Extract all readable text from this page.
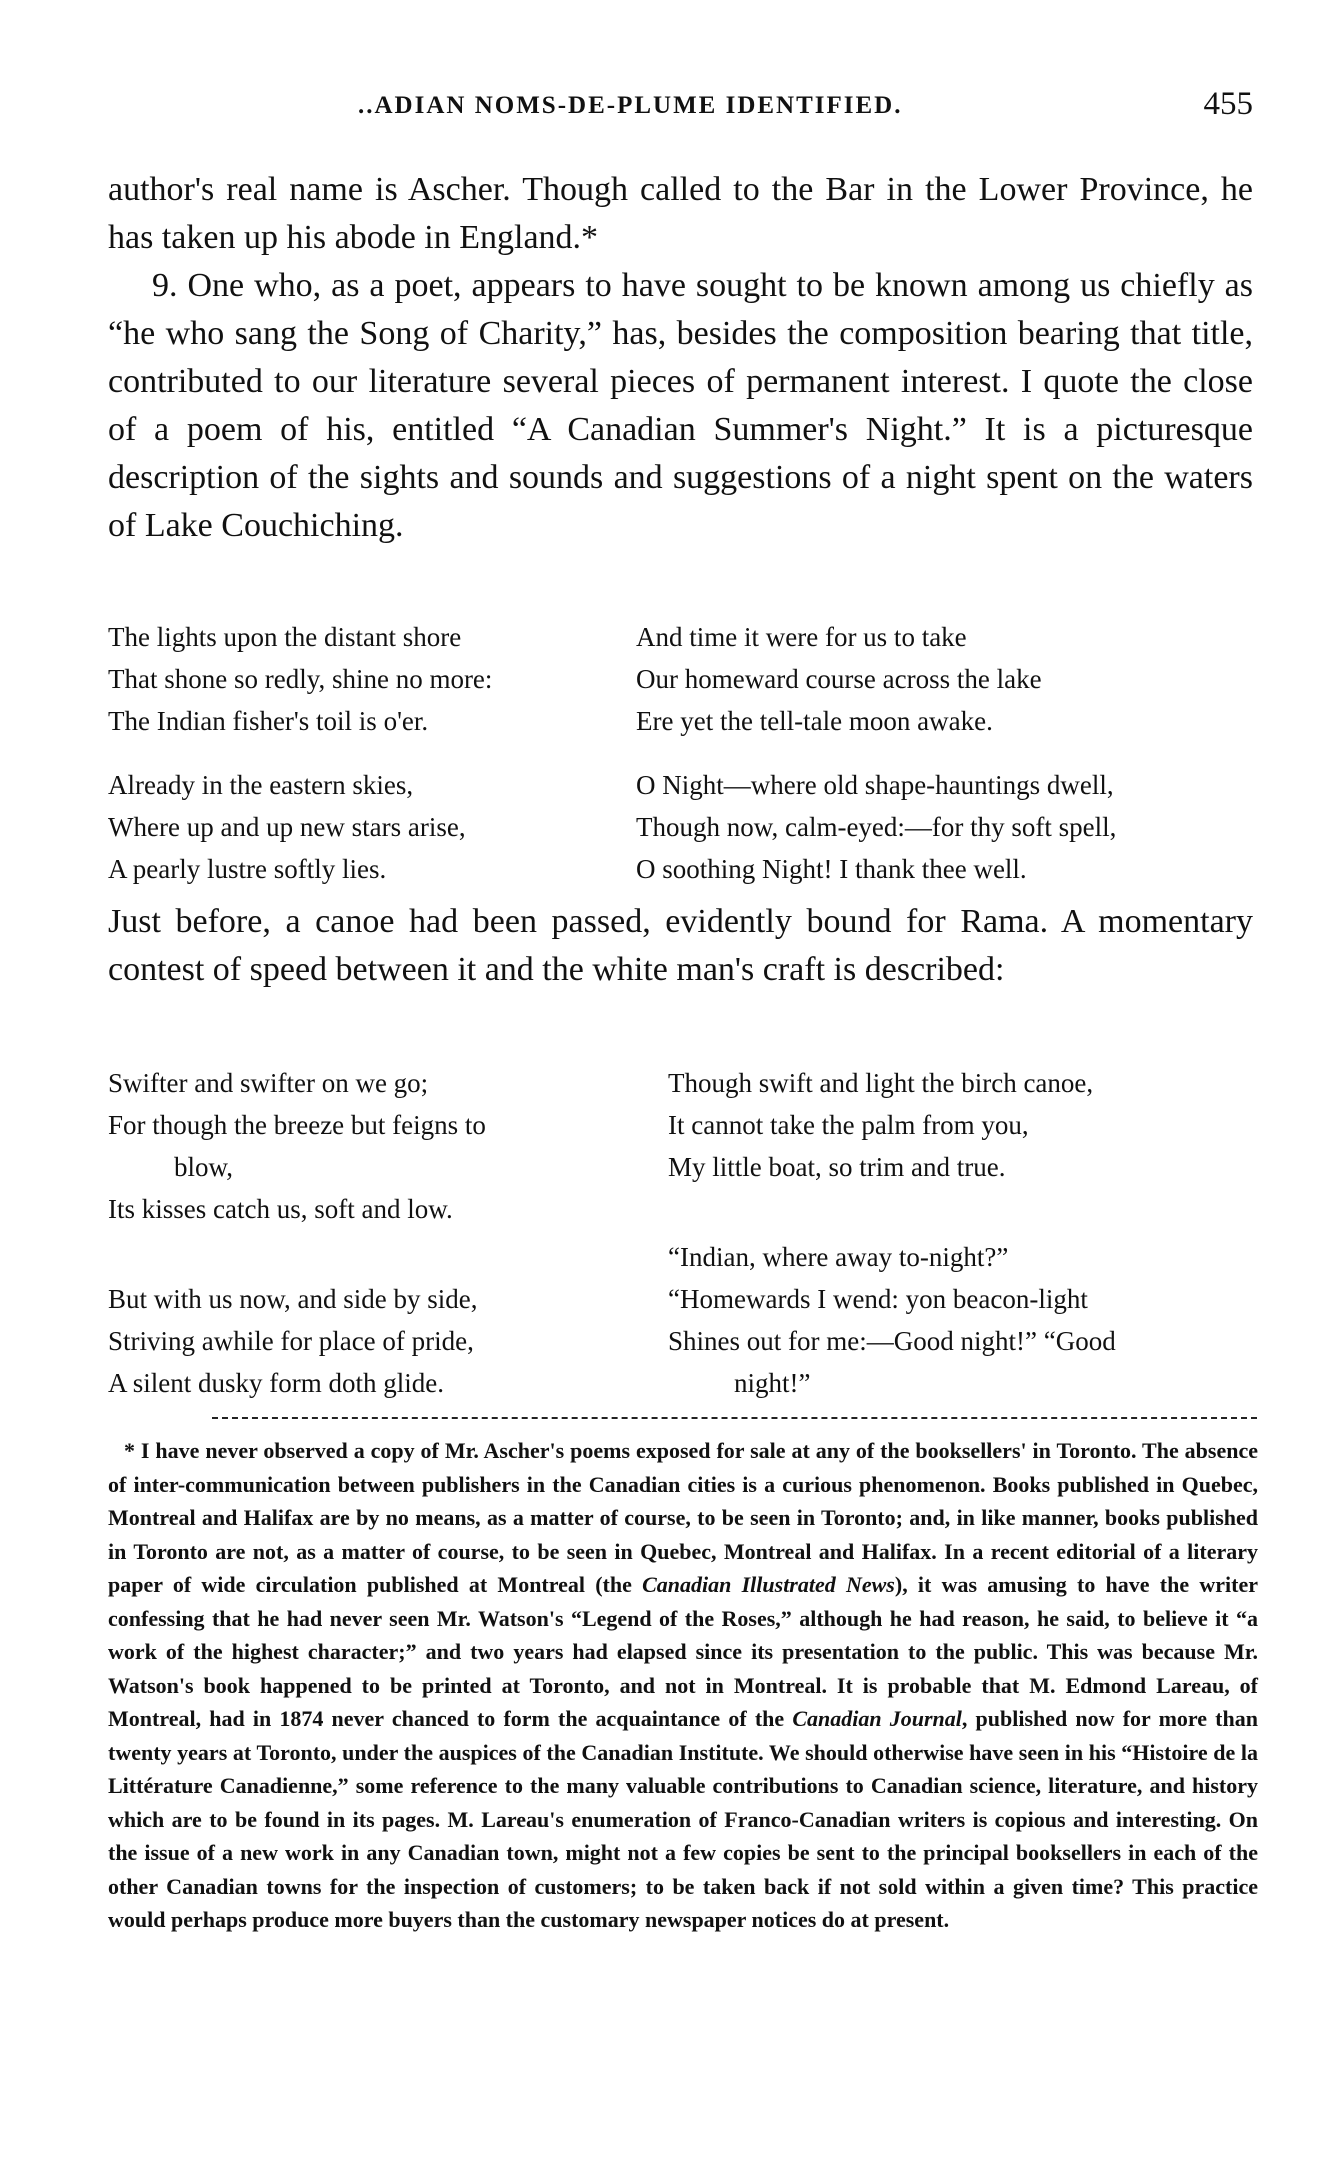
..ADIAN NOMS-DE-PLUME IDENTIFIED.	455

author's real name is Ascher. Though called to the Bar in the Lower Province, he has taken up his abode in England.*

9. One who, as a poet, appears to have sought to be known among us chiefly as “he who sang the Song of Charity,” has, besides the composition bearing that title, contributed to our literature several pieces of permanent interest. I quote the close of a poem of his, entitled “A Canadian Summer's Night.” It is a picturesque description of the sights and sounds and suggestions of a night spent on the waters of Lake Couchiching.

The lights upon the distant shore
That shone so redly, shine no more:
The Indian fisher's toil is o'er.
And time it were for us to take
Our homeward course across the lake
Ere yet the tell-tale moon awake.
Already in the eastern skies,
Where up and up new stars arise,
A pearly lustre softly lies.
O Night—where old shape-hauntings dwell,
Though now, calm-eyed:—for thy soft spell,
O soothing Night! I thank thee well.

Just before, a canoe had been passed, evidently bound for Rama. A momentary contest of speed between it and the white man's craft is described:

Swifter and swifter on we go;
For though the breeze but feigns to
blow,
Its kisses catch us, soft and low.
Though swift and light the birch canoe,
It cannot take the palm from you,
My little boat, so trim and true.
But with us now, and side by side,
Striving awhile for place of pride,
A silent dusky form doth glide.
“Indian, where away to-night?”
“Homewards I wend: yon beacon-light
Shines out for me:—Good night!” “Good
night!”

* I have never observed a copy of Mr. Ascher's poems exposed for sale at any of the booksellers' in Toronto. The absence of inter-communication between publishers in the Canadian cities is a curious phenomenon. Books published in Quebec, Montreal and Halifax are by no means, as a matter of course, to be seen in Toronto; and, in like manner, books published in Toronto are not, as a matter of course, to be seen in Quebec, Montreal and Halifax. In a recent editorial of a literary paper of wide circulation published at Montreal (the Canadian Illustrated News), it was amusing to have the writer confessing that he had never seen Mr. Watson's “Legend of the Roses,” although he had reason, he said, to believe it “a work of the highest character;” and two years had elapsed since its presentation to the public. This was because Mr. Watson's book happened to be printed at Toronto, and not in Montreal. It is probable that M. Edmond Lareau, of Montreal, had in 1874 never chanced to form the acquaintance of the Canadian Journal, published now for more than twenty years at Toronto, under the auspices of the Canadian Institute. We should otherwise have seen in his “Histoire de la Littérature Canadienne,” some reference to the many valuable contributions to Canadian science, literature, and history which are to be found in its pages. M. Lareau's enumeration of Franco-Canadian writers is copious and interesting. On the issue of a new work in any Canadian town, might not a few copies be sent to the principal booksellers in each of the other Canadian towns for the inspection of customers; to be taken back if not sold within a given time? This practice would perhaps produce more buyers than the customary newspaper notices do at present.
